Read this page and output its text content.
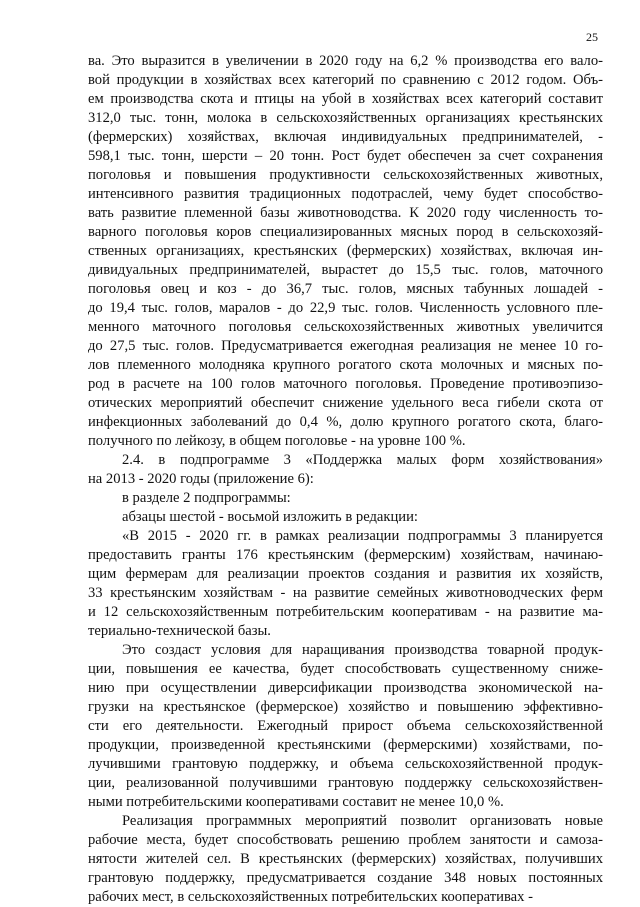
25
ва. Это выразится в увеличении в 2020 году на 6,2 % производства его вало-
вой продукции в хозяйствах всех категорий по сравнению с 2012 годом. Объ-
ем производства скота и птицы на убой в хозяйствах всех категорий составит
312,0 тыс. тонн, молока в сельскохозяйственных организациях крестьянских
(фермерских) хозяйствах, включая индивидуальных предпринимателей, -
598,1 тыс. тонн, шерсти – 20 тонн. Рост будет обеспечен за счет сохранения
поголовья и повышения продуктивности сельскохозяйственных животных,
интенсивного развития традиционных подотраслей, чему будет способство-
вать развитие племенной базы животноводства. К 2020 году численность то-
варного поголовья коров специализированных мясных пород в сельскохозяй-
ственных организациях, крестьянских (фермерских) хозяйствах, включая ин-
дивидуальных предпринимателей, вырастет до 15,5 тыс. голов, маточного
поголовья овец и коз - до 36,7 тыс. голов, мясных табунных лошадей -
до 19,4 тыс. голов, маралов - до 22,9 тыс. голов. Численность условного пле-
менного маточного поголовья сельскохозяйственных животных увеличится
до 27,5 тыс. голов. Предусматривается ежегодная реализация не менее 10 го-
лов племенного молодняка крупного рогатого скота молочных и мясных по-
род в расчете на 100 голов маточного поголовья. Проведение противоэпизо-
отических мероприятий обеспечит снижение удельного веса гибели скота от
инфекционных заболеваний до 0,4 %, долю крупного рогатого скота, благо-
получного по лейкозу, в общем поголовье - на уровне 100 %.
2.4. в подпрограмме 3 «Поддержка малых форм хозяйствования»
на 2013 - 2020 годы (приложение 6):
в разделе 2 подпрограммы:
абзацы шестой - восьмой изложить в редакции:
«В 2015 - 2020 гг. в рамках реализации подпрограммы 3 планируется
предоставить гранты 176 крестьянским (фермерским) хозяйствам, начинаю-
щим фермерам для реализации проектов создания и развития их хозяйств,
33 крестьянским хозяйствам - на развитие семейных животноводческих ферм
и 12 сельскохозяйственным потребительским кооперативам - на развитие ма-
териально-технической базы.
Это создаст условия для наращивания производства товарной продук-
ции, повышения ее качества, будет способствовать существенному сниже-
нию при осуществлении диверсификации производства экономической на-
грузки на крестьянское (фермерское) хозяйство и повышению эффективно-
сти его деятельности. Ежегодный прирост объема сельскохозяйственной
продукции, произведенной крестьянскими (фермерскими) хозяйствами, по-
лучившими грантовую поддержку, и объема сельскохозяйственной продук-
ции, реализованной получившими грантовую поддержку сельскохозяйствен-
ными потребительскими кооперативами составит не менее 10,0 %.
Реализация программных мероприятий позволит организовать новые
рабочие места, будет способствовать решению проблем занятости и самоза-
нятости жителей сел. В крестьянских (фермерских) хозяйствах, получивших
грантовую поддержку, предусматривается создание 348 новых постоянных
рабочих мест, в сельскохозяйственных потребительских кооперативах -
